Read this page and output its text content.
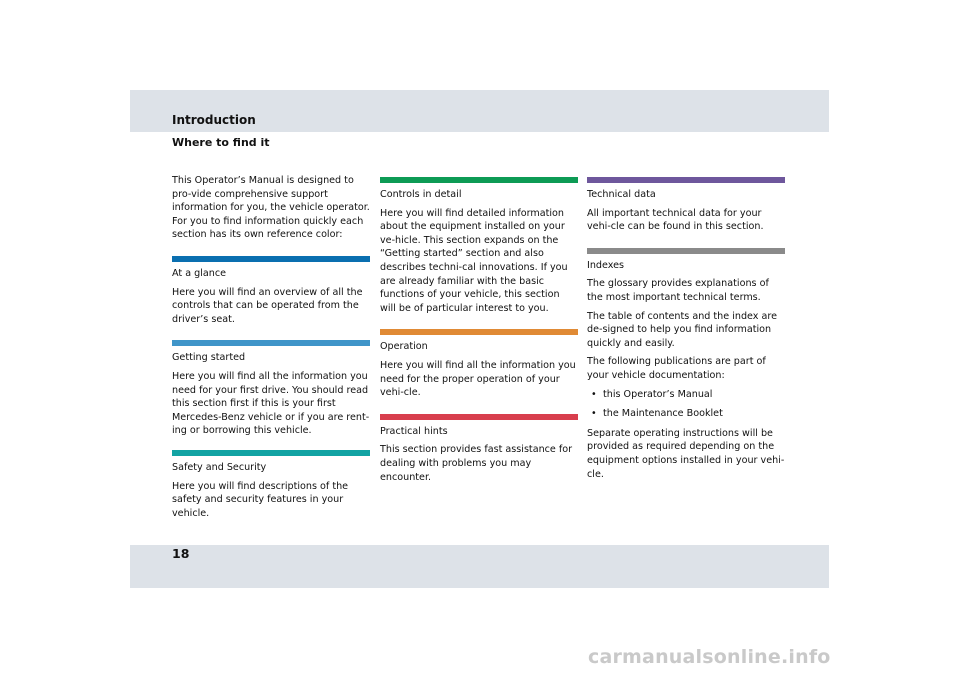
Introduction
Where to find it

This Operator’s Manual is designed to pro-vide comprehensive support information for you, the vehicle operator. For you to find information quickly each section has its own reference color:

At a glance

Here you will find an overview of all the controls that can be operated from the driver’s seat.

Getting started

Here you will find all the information you need for your first drive. You should read this section first if this is your first Mercedes-Benz vehicle or if you are rent-ing or borrowing this vehicle.

Safety and Security

Here you will find descriptions of the safety and security features in your vehicle.

Controls in detail

Here you will find detailed information about the equipment installed on your ve-hicle. This section expands on the “Getting started” section and also describes techni-cal innovations. If you are already familiar with the basic functions of your vehicle, this section will be of particular interest to you.

Operation

Here you will find all the information you need for the proper operation of your vehi-cle.

Practical hints

This section provides fast assistance for dealing with problems you may encounter.

Technical data

All important technical data for your vehi-cle can be found in this section.

Indexes

The glossary provides explanations of the most important technical terms.

The table of contents and the index are de-signed to help you find information quickly and easily.

The following publications are part of your vehicle documentation:

• this Operator’s Manual
• the Maintenance Booklet

Separate operating instructions will be provided as required depending on the equipment options installed in your vehi-cle.

18
carmanualsonline.info
